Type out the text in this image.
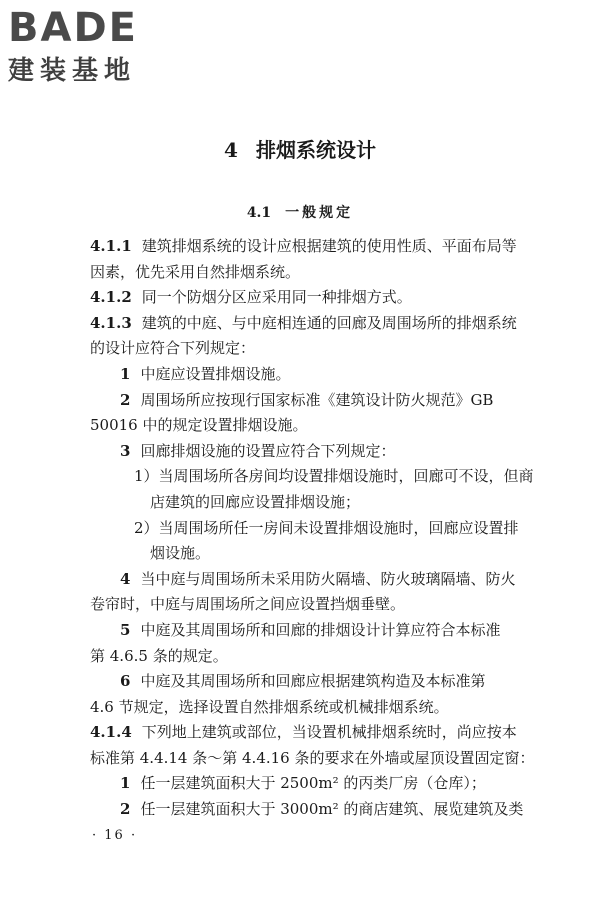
BADE
建装基地
4 排烟系统设计
4.1 一般规定
4.1.1 建筑排烟系统的设计应根据建筑的使用性质、平面布局等
因素，优先采用自然排烟系统。
4.1.2 同一个防烟分区应采用同一种排烟方式。
4.1.3 建筑的中庭、与中庭相连通的回廊及周围场所的排烟系统
的设计应符合下列规定：
1 中庭应设置排烟设施。
2 周围场所应按现行国家标准《建筑设计防火规范》GB
50016 中的规定设置排烟设施。
3 回廊排烟设施的设置应符合下列规定：
1）当周围场所各房间均设置排烟设施时，回廊可不设，但商
店建筑的回廊应设置排烟设施；
2）当周围场所任一房间未设置排烟设施时，回廊应设置排
烟设施。
4 当中庭与周围场所未采用防火隔墙、防火玻璃隔墙、防火
卷帘时，中庭与周围场所之间应设置挡烟垂壁。
5 中庭及其周围场所和回廊的排烟设计计算应符合本标准
第 4.6.5 条的规定。
6 中庭及其周围场所和回廊应根据建筑构造及本标准第
4.6 节规定，选择设置自然排烟系统或机械排烟系统。
4.1.4 下列地上建筑或部位，当设置机械排烟系统时，尚应按本
标准第 4.4.14 条～第 4.4.16 条的要求在外墙或屋顶设置固定窗：
1 任一层建筑面积大于 2500m² 的丙类厂房（仓库）；
2 任一层建筑面积大于 3000m² 的商店建筑、展览建筑及类
· 16 ·
